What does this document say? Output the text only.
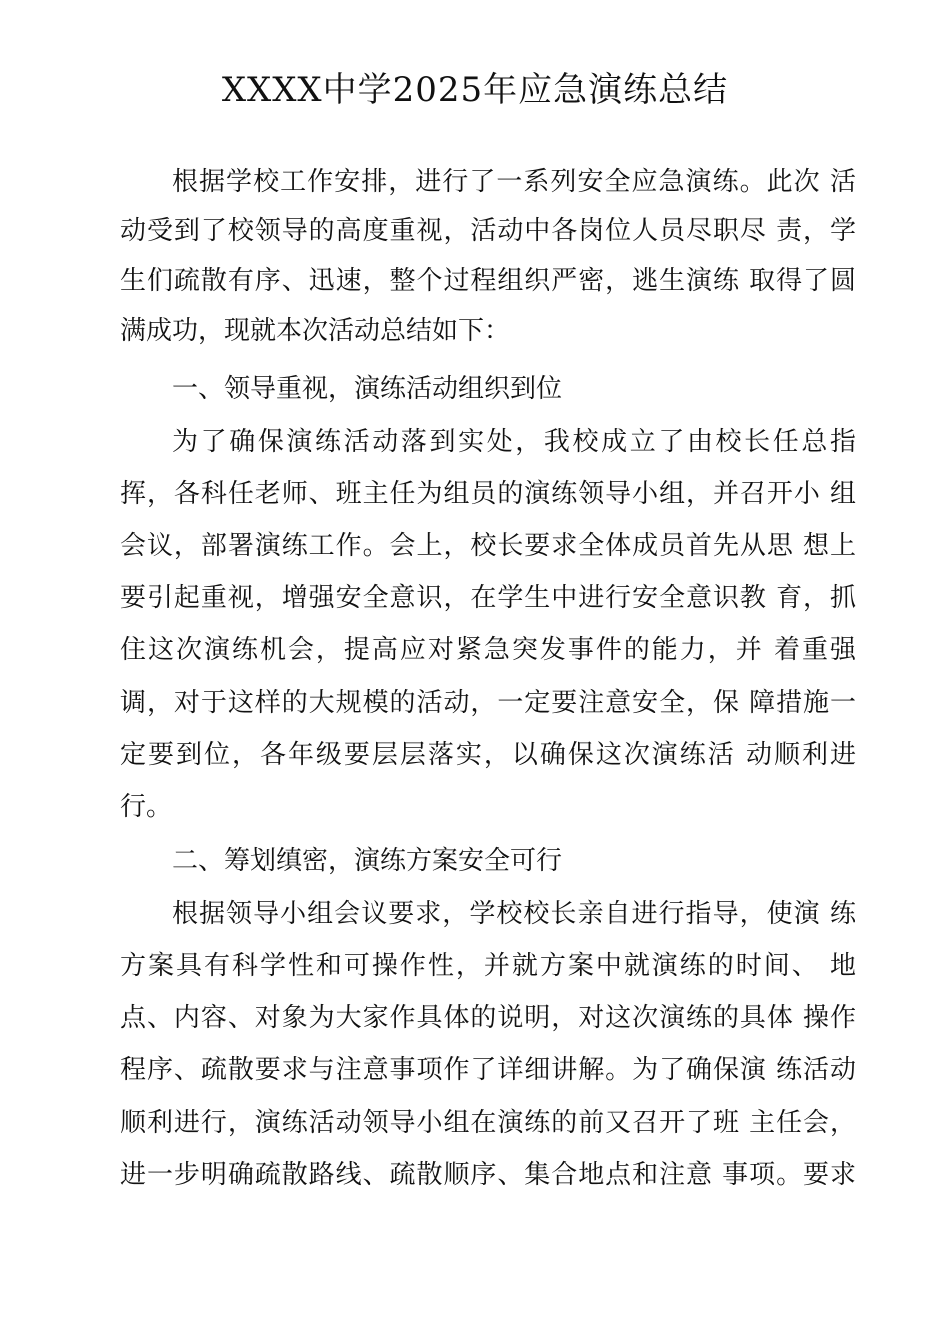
XXXX中学2025年应急演练总结
根据学校工作安排，进行了一系列安全应急演练。此次 活
动受到了校领导的高度重视，活动中各岗位人员尽职尽 责，学
生们疏散有序、迅速，整个过程组织严密，逃生演练 取得了圆
满成功，现就本次活动总结如下：
一、领导重视，演练活动组织到位
为了确保演练活动落到实处，我校成立了由校长任总指
挥，各科任老师、班主任为组员的演练领导小组，并召开小 组
会议，部署演练工作。会上，校长要求全体成员首先从思 想上
要引起重视，增强安全意识，在学生中进行安全意识教 育，抓
住这次演练机会，提高应对紧急突发事件的能力，并 着重强
调，对于这样的大规模的活动，一定要注意安全，保 障措施一
定要到位，各年级要层层落实，以确保这次演练活 动顺利进
行。
二、筹划缜密，演练方案安全可行
根据领导小组会议要求，学校校长亲自进行指导，使演 练
方案具有科学性和可操作性，并就方案中就演练的时间、 地
点、内容、对象为大家作具体的说明，对这次演练的具体 操作
程序、疏散要求与注意事项作了详细讲解。为了确保演 练活动
顺利进行，演练活动领导小组在演练的前又召开了班 主任会，
进一步明确疏散路线、疏散顺序、集合地点和注意 事项。要求
